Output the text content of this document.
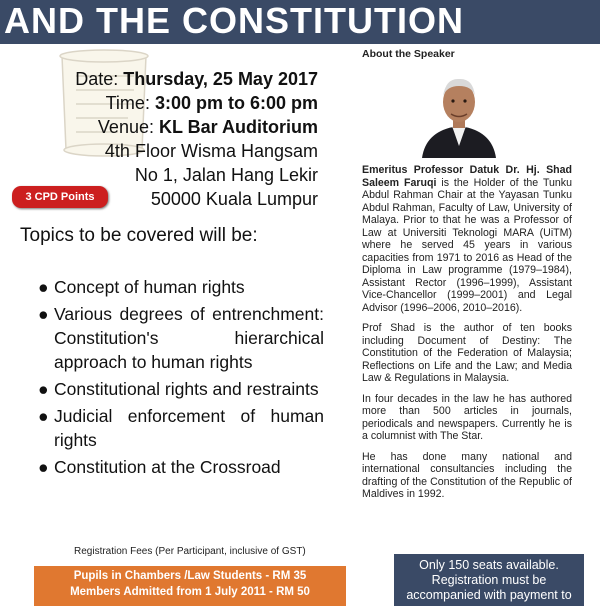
AND THE CONSTITUTION
Date: Thursday, 25 May 2017
Time: 3:00 pm to 6:00 pm
Venue: KL Bar Auditorium
4th Floor Wisma Hangsam
No 1, Jalan Hang Lekir
50000 Kuala Lumpur
3 CPD Points
Topics to be covered will be:
● Concept of human rights
● Various degrees of entrenchment: Constitution's hierarchical approach to human rights
● Constitutional rights and restraints
● Judicial enforcement of human rights
● Constitution at the Crossroad
Registration Fees (Per Participant, inclusive of GST)
Pupils in Chambers /Law Students - RM 35
Members Admitted from 1 July 2011 - RM 50
Only 150 seats available.
Registration must be
accompanied with payment to
About the Speaker

Emeritus Professor Datuk Dr. Hj. Shad Saleem Faruqi is the Holder of the Tunku Abdul Rahman Chair at the Yayasan Tunku Abdul Rahman, Faculty of Law, University of Malaya. Prior to that he was a Professor of Law at Universiti Teknologi MARA (UiTM) where he served 45 years in various capacities from 1971 to 2016 as Head of the Diploma in Law programme (1979–1984), Assistant Rector (1996–1999), Assistant Vice-Chancellor (1999–2001) and Legal Advisor (1996–2006, 2010–2016).

Prof Shad is the author of ten books including Document of Destiny: The Constitution of the Federation of Malaysia; Reflections on Life and the Law; and Media Law & Regulations in Malaysia.

In four decades in the law he has authored more than 500 articles in journals, periodicals and newspapers. Currently he is a columnist with The Star.

He has done many national and international consultancies including the drafting of the Constitution of the Republic of Maldives in 1992.
